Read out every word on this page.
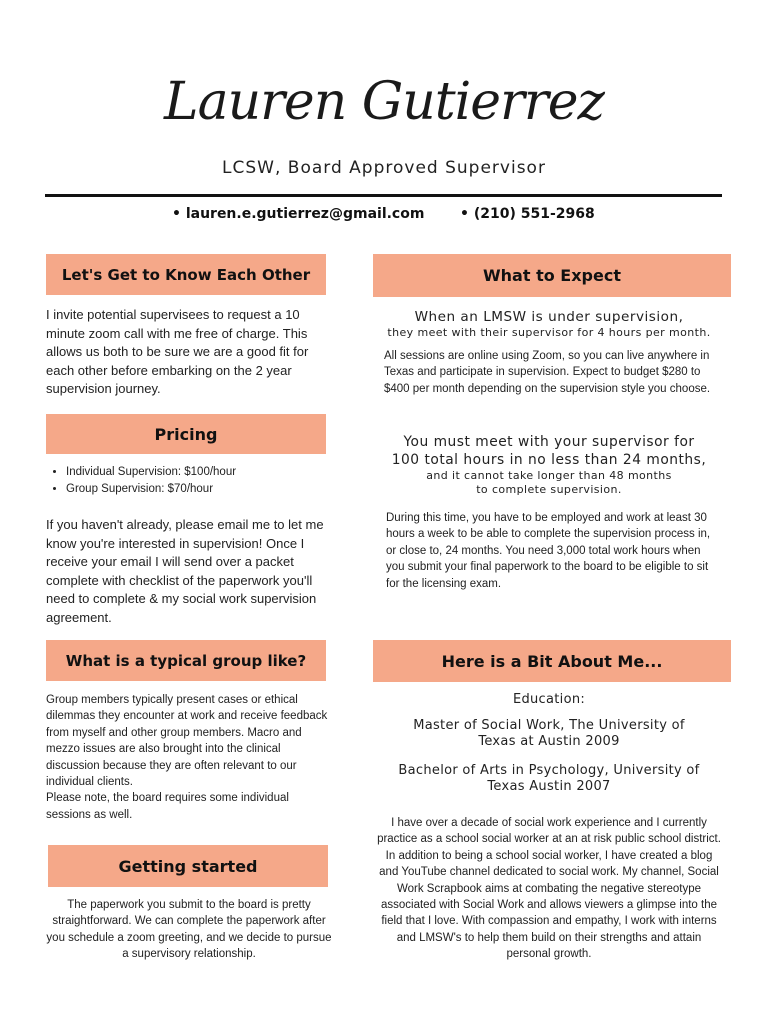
Lauren Gutierrez
LCSW, Board Approved Supervisor
• lauren.e.gutierrez@gmail.com	• (210) 551-2968
Let's Get to Know Each Other
I invite potential supervisees to request a 10 minute zoom call with me free of charge. This allows us both to be sure we are a good fit for each other before embarking on the 2 year supervision journey.
Pricing
• Individual Supervision: $100/hour
• Group Supervision: $70/hour
If you haven't already, please email me to let me know you're interested in supervision! Once I receive your email I will send over a packet complete with checklist of the paperwork you'll need to complete & my social work supervision agreement.
What is a typical group like?

Group members typically present cases or ethical dilemmas they encounter at work and receive feedback from myself and other group members. Macro and mezzo issues are also brought into the clinical discussion because they are often relevant to our individual clients.

Please note, the board requires some individual sessions as well.

Getting started
The paperwork you submit to the board is pretty straightforward. We can complete the paperwork after you schedule a zoom greeting, and we decide to pursue a supervisory relationship.
What to Expect
When an LMSW is under supervision,
they meet with their supervisor for 4 hours per month.
All sessions are online using Zoom, so you can live anywhere in Texas and participate in supervision. Expect to budget $280 to $400 per month depending on the supervision style you choose.
You must meet with your supervisor for
100 total hours in no less than 24 months,
and it cannot take longer than 48 months
to complete supervision.
During this time, you have to be employed and work at least 30 hours a week to be able to complete the supervision process in, or close to, 24 months. You need 3,000 total work hours when you submit your final paperwork to the board to be eligible to sit for the licensing exam.
Here is a Bit About Me...
Education:
Master of Social Work, The University of
Texas at Austin 2009
Bachelor of Arts in Psychology, University of
Texas Austin 2007
I have over a decade of social work experience and I currently practice as a school social worker at an at risk public school district. In addition to being a school social worker, I have created a blog and YouTube channel dedicated to social work. My channel, Social Work Scrapbook aims at combating the negative stereotype associated with Social Work and allows viewers a glimpse into the field that I love. With compassion and empathy, I work with interns and LMSW's to help them build on their strengths and attain personal growth.
